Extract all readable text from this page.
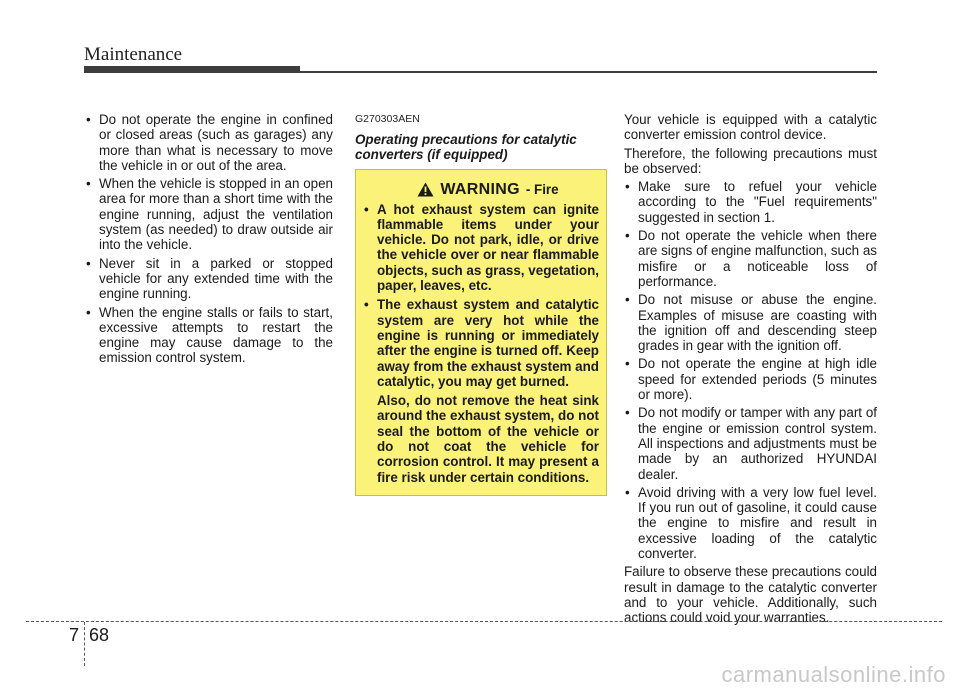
Maintenance
• Do not operate the engine in confined or closed areas (such as garages) any more than what is necessary to move the vehicle in or out of the area.
• When the vehicle is stopped in an open area for more than a short time with the engine running, adjust the ventilation system (as needed) to draw outside air into the vehicle.
• Never sit in a parked or stopped vehicle for any extended time with the engine running.
• When the engine stalls or fails to start, excessive attempts to restart the engine may cause damage to the emission control system.
G270303AEN
Operating precautions for catalytic converters (if equipped)
WARNING - Fire
• A hot exhaust system can ignite flammable items under your vehicle. Do not park, idle, or drive the vehicle over or near flammable objects, such as grass, vegetation, paper, leaves, etc.
• The exhaust system and catalytic system are very hot while the engine is running or immediately after the engine is turned off. Keep away from the exhaust system and catalytic, you may get burned.

Also, do not remove the heat sink around the exhaust system, do not seal the bottom of the vehicle or do not coat the vehicle for corrosion control. It may present a fire risk under certain conditions.

Your vehicle is equipped with a catalytic converter emission control device.

Therefore, the following precautions must be observed:

• Make sure to refuel your vehicle according to the "Fuel requirements" suggested in section 1.
• Do not operate the vehicle when there are signs of engine malfunction, such as misfire or a noticeable loss of performance.
• Do not misuse or abuse the engine. Examples of misuse are coasting with the ignition off and descending steep grades in gear with the ignition off.
• Do not operate the engine at high idle speed for extended periods (5 minutes or more).
• Do not modify or tamper with any part of the engine or emission control system. All inspections and adjustments must be made by an authorized HYUNDAI dealer.
• Avoid driving with a very low fuel level. If you run out of gasoline, it could cause the engine to misfire and result in excessive loading of the catalytic converter.

Failure to observe these precautions could result in damage to the catalytic converter and to your vehicle. Additionally, such actions could void your warranties.

7 68
carmanualsonline.info
